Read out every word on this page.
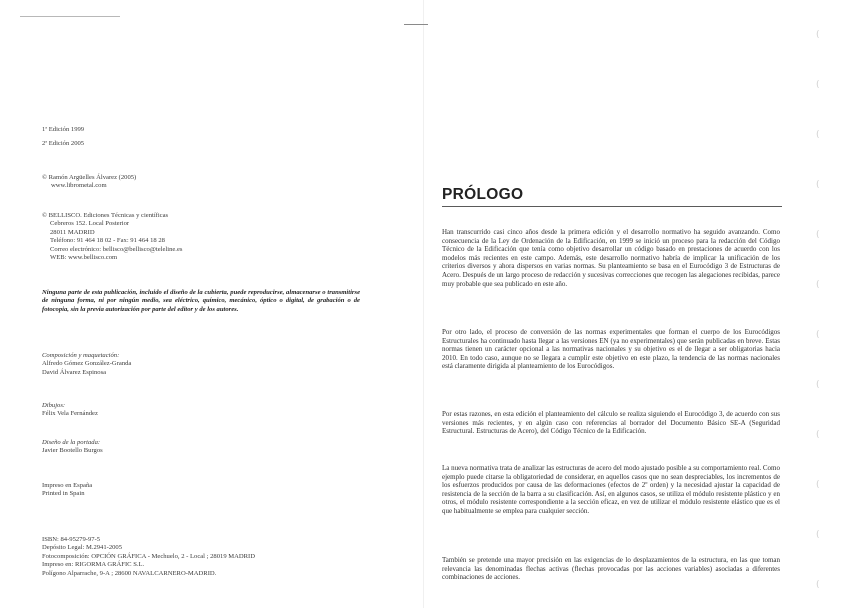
1ª Edición 1999
2ª Edición 2005
© Ramón Argüelles Álvarez (2005)
www.librometal.com
© BELLISCO. Ediciones Técnicas y científicas
Cebreros 152. Local Posterior
28011 MADRID
Teléfono: 91 464 18 02 - Fax: 91 464 18 28
Correo electrónico: bellisco@bellisco@teleline.es
WEB: www.bellisco.com
Ninguna parte de esta publicación, incluido el diseño de la cubierta, puede reproducirse, almacenarse o transmitirse de ninguna forma, ni por ningún medio, sea eléctrico, químico, mecánico, óptico o digital, de grabación o de fotocopia, sin la previa autorización por parte del editor y de los autores.
Composición y maquetación:
Alfredo Gómez González-Granda
David Álvarez Espinosa
Dibujos:
Félix Vela Fernández
Diseño de la portada:
Javier Bootello Burgos
Impreso en España
Printed in Spain
ISBN: 84-95279-97-5
Depósito Legal: M.2941-2005
Fotocomposición: OPCIÓN GRÁFICA - Mechuelo, 2 - Local ; 28019 MADRID
Impreso en: RIGORMA GRÁFIC S.L.
Polígono Alparrache, 9-A ; 28600 NAVALCARNERO-MADRID.
PRÓLOGO
Han transcurrido casi cinco años desde la primera edición y el desarrollo normativo ha seguido avanzando. Como consecuencia de la Ley de Ordenación de la Edificación, en 1999 se inició un proceso para la redacción del Código Técnico de la Edificación que tenía como objetivo desarrollar un código basado en prestaciones de acuerdo con los modelos más recientes en este campo. Además, este desarrollo normativo habría de implicar la unificación de los criterios diversos y ahora dispersos en varias normas. Su planteamiento se basa en el Eurocódigo 3 de Estructuras de Acero. Después de un largo proceso de redacción y sucesivas correcciones que recogen las alegaciones recibidas, parece muy probable que sea publicado en este año.
Por otro lado, el proceso de conversión de las normas experimentales que forman el cuerpo de los Eurocódigos Estructurales ha continuado hasta llegar a las versiones EN (ya no experimentales) que serán publicadas en breve. Estas normas tienen un carácter opcional a las normativas nacionales y su objetivo es el de llegar a ser obligatorias hacia 2010. En todo caso, aunque no se llegara a cumplir este objetivo en este plazo, la tendencia de las normas nacionales está claramente dirigida al planteamiento de los Eurocódigos.
Por estas razones, en esta edición el planteamiento del cálculo se realiza siguiendo el Eurocódigo 3, de acuerdo con sus versiones más recientes, y en algún caso con referencias al borrador del Documento Básico SE-A (Seguridad Estructural. Estructuras de Acero), del Código Técnico de la Edificación.
La nueva normativa trata de analizar las estructuras de acero del modo ajustado posible a su comportamiento real. Como ejemplo puede citarse la obligatoriedad de considerar, en aquellos casos que no sean despreciables, los incrementos de los esfuerzos producidos por causa de las deformaciones (efectos de 2º orden) y la necesidad ajustar la capacidad de resistencia de la sección de la barra a su clasificación. Así, en algunos casos, se utiliza el módulo resistente plástico y en otros, el módulo resistente correspondiente a la sección eficaz, en vez de utilizar el módulo resistente elástico que es el que habitualmente se emplea para cualquier sección.
También se pretende una mayor precisión en las exigencias de lo desplazamientos de la estructura, en las que toman relevancia las denominadas flechas activas (flechas provocadas por las acciones variables) asociadas a diferentes combinaciones de acciones.
(
(
(
(
(
(
(
(
(
(
(
(
